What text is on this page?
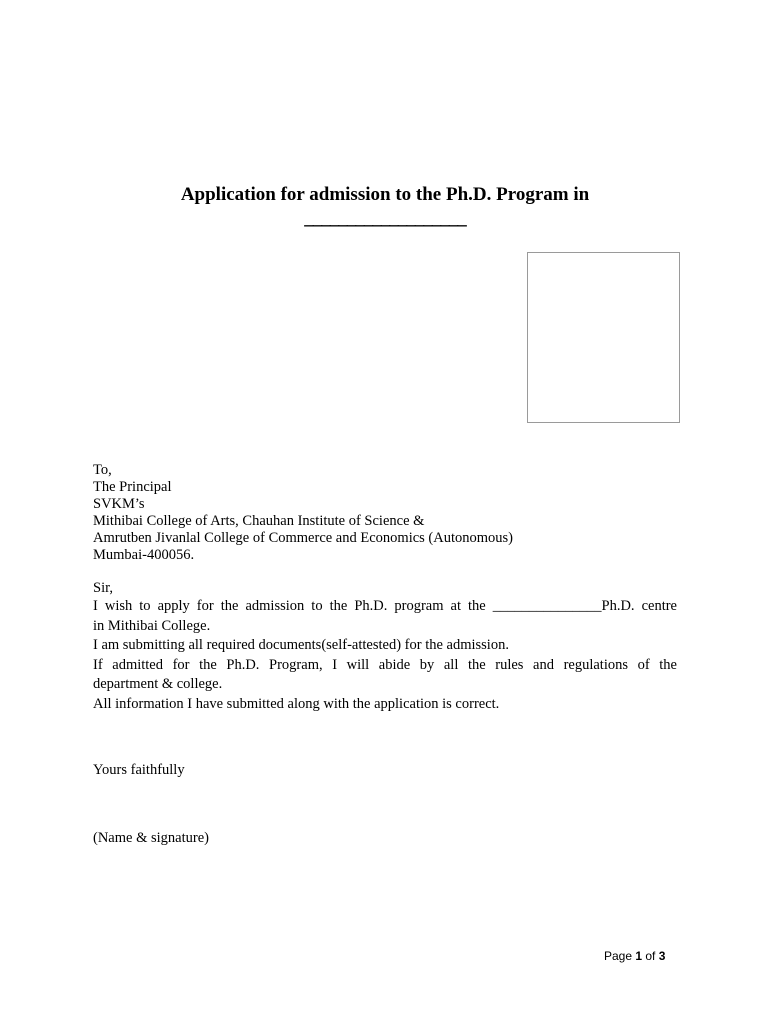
Application for admission to the Ph.D. Program in
___________________
To,
The Principal
SVKM’s
Mithibai College of Arts, Chauhan Institute of Science &
Amrutben Jivanlal College of Commerce and Economics (Autonomous)
Mumbai-400056.
Sir,
I wish to apply for the admission to the Ph.D. program at the _______________Ph.D. centre
in Mithibai College.
I am submitting all required documents(self-attested) for the admission.
If admitted for the Ph.D. Program, I will abide by all the rules and regulations of the
department & college.
All information I have submitted along with the application is correct.
Yours faithfully
(Name & signature)
Page 1 of 3
